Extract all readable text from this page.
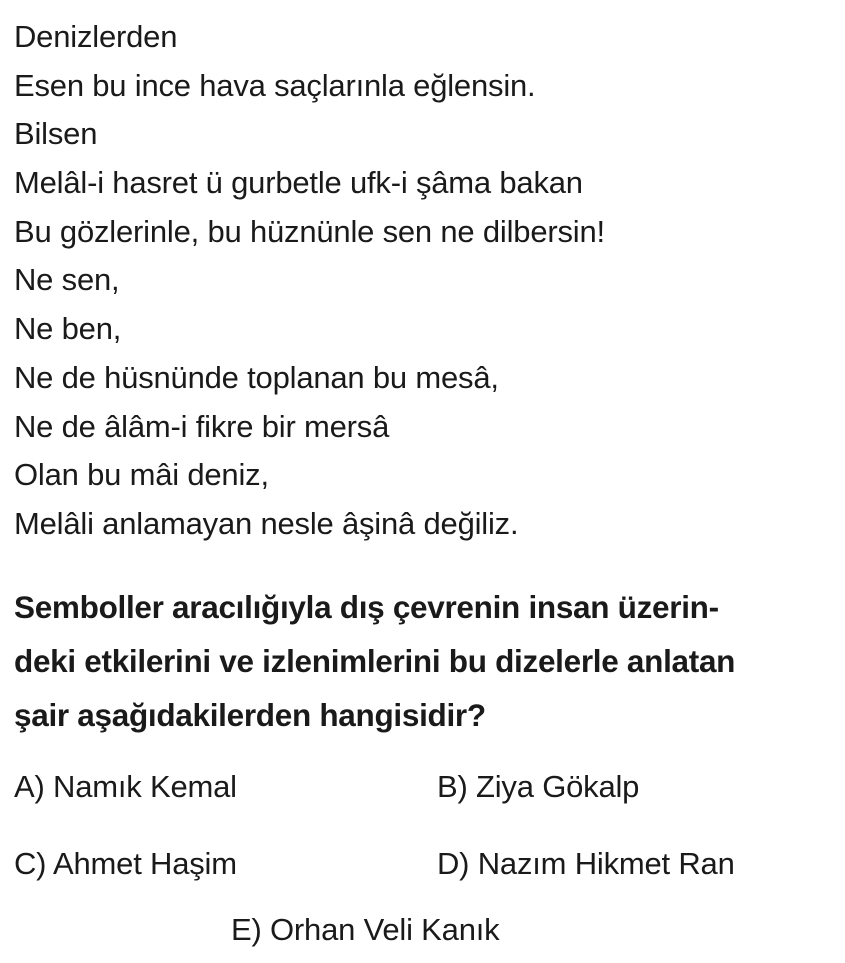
Denizlerden
Esen bu ince hava saçlarınla eğlensin.
Bilsen
Melâl-i hasret ü gurbetle ufk-i şâma bakan
Bu gözlerinle, bu hüznünle sen ne dilbersin!
Ne sen,
Ne ben,
Ne de hüsnünde toplanan bu mesâ,
Ne de âlâm-i fikre bir mersâ
Olan bu mâi deniz,
Melâli anlamayan nesle âşinâ değiliz.
Semboller aracılığıyla dış çevrenin insan üzerin-
deki etkilerini ve izlenimlerini bu dizelerle anlatan
şair aşağıdakilerden hangisidir?
A) Namık Kemal	B) Ziya Gökalp
C) Ahmet Haşim	D) Nazım Hikmet Ran
E) Orhan Veli Kanık
